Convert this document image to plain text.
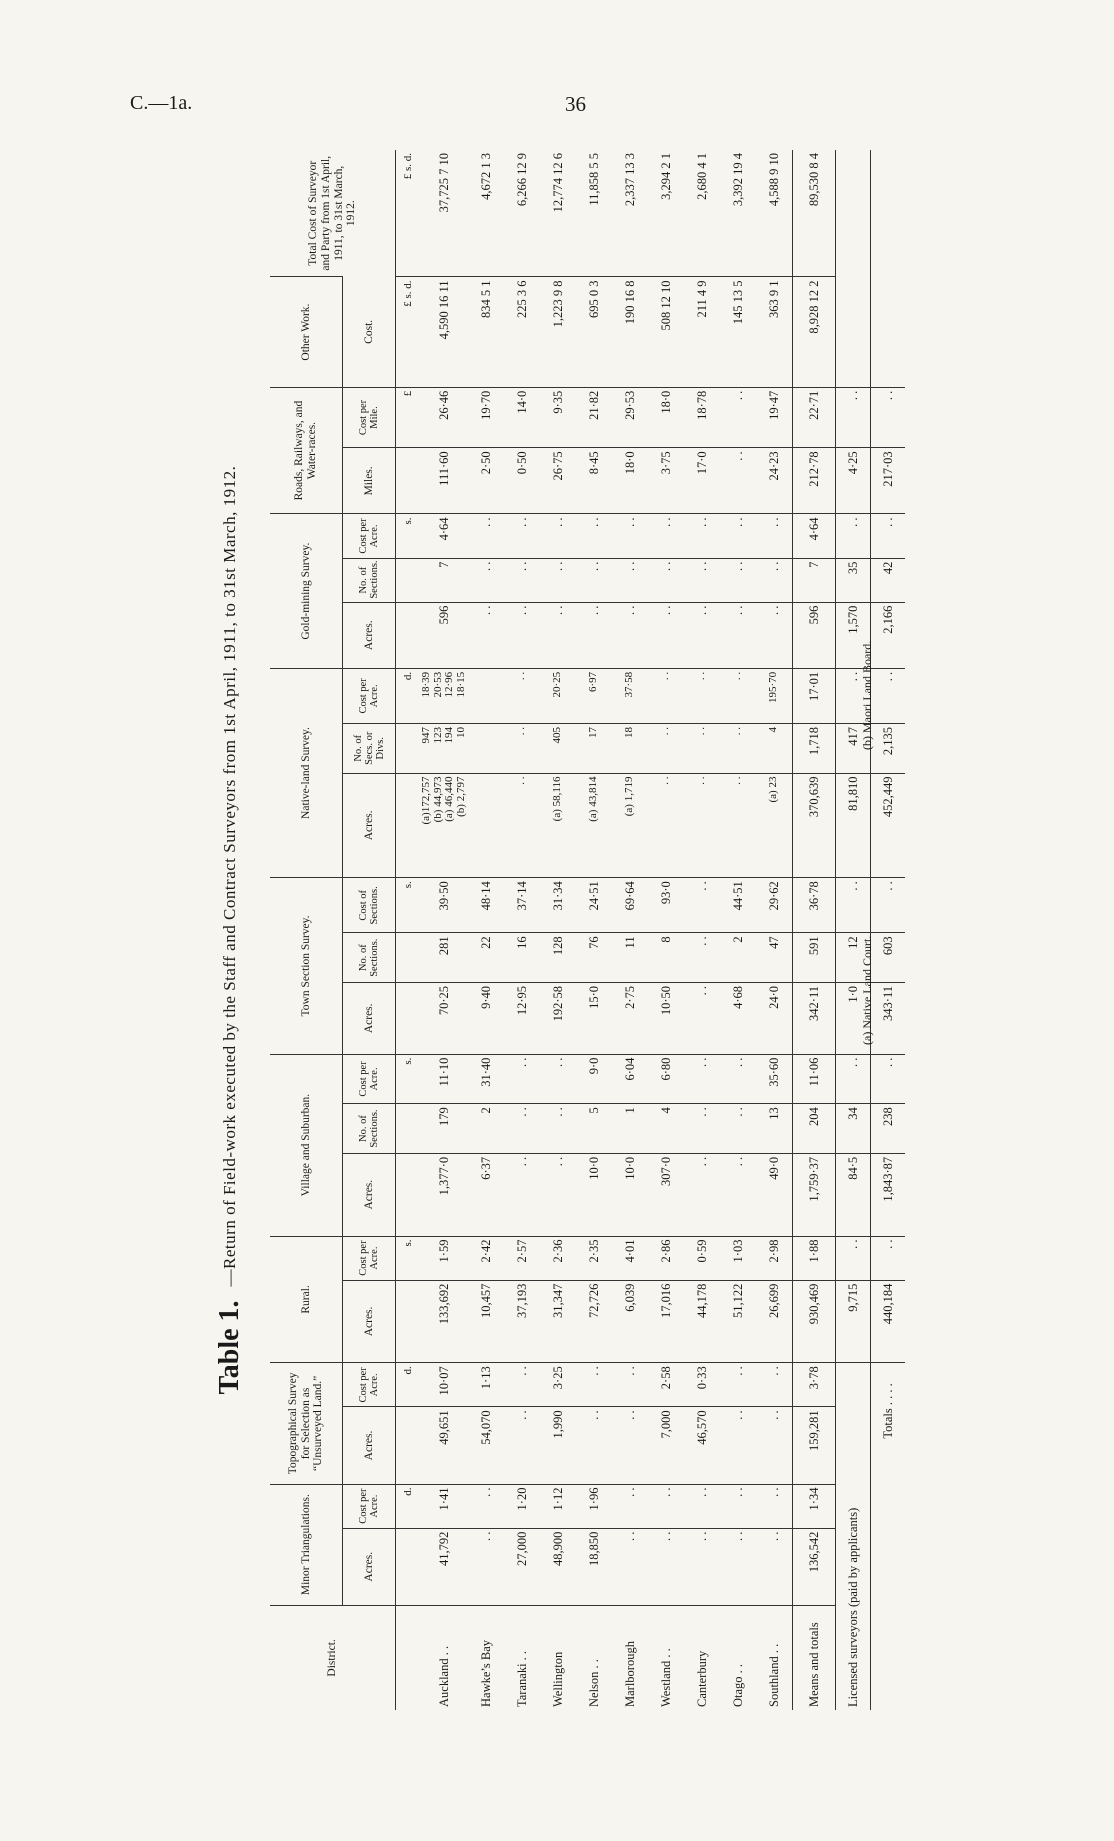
C.—1a.	36
Table 1.
—Return of Field-work executed by the Staff and Contract Surveyors from 1st April, 1911, to 31st March, 1912.
District.	Minor Triangulations.		Topographical Survey for Selection as “Unsurveyed Land.”		Rural.		Village and Suburban.			Town Section Survey.			Native-land Survey.			Gold-mining Survey.			Roads, Railways, and Water-races.		Other Work.	Total Cost of Surveyor and Party from 1st April, 1911, to 31st March, 1912.
	Acres.	Cost per Acre.	Acres.	Cost per Acre.	Acres.	Cost per Acre.	Acres.	No. of Sections.	Cost per Acre.	Acres.	No. of Sections.	Cost of Sections.	Acres.	No. of Secs. or Divs.	Cost per Acre.	Acres.	No. of Sections.	Cost per Acre.	Miles.	Cost per Mile.	Cost.	
		d.		d.		s.			s.			s.			d.			s.		£	£ s. d.	£ s. d.
Auckland . .	41,792	1·41	49,651	10·07	133,692	1·59	1,377·0	179	11·10	70·25	281	39·50	(a)172,757 (b) 44,973 (a) 46,440 (b) 2,797	947 123 194 10	18·39 20·53 12·96 18·15	596	7	4·64	111·60	26·46	4,590 16 11	37,725 7 10
Hawke’s Bay	. .	. .	54,070	1·13	10,457	2·42	6·37	2	31·40	9·40	22	48·14				. .	. .	. .	2·50	19·70	834 5 1	4,672 1 3
Taranaki . .	27,000	1·20	. .	. .	37,193	2·57	. .	. .	. .	12·95	16	37·14	. .	. .	. .	. .	. .	. .	0·50	14·0	225 3 6	6,266 12 9
Wellington	48,900	1·12	1,990	3·25	31,347	2·36	. .	. .	. .	192·58	128	31·34	(a) 58,116	405	20·25	. .	. .	. .	26·75	9·35	1,223 9 8	12,774 12 6
Nelson . .	18,850	1·96	. .	. .	72,726	2·35	10·0	5	9·0	15·0	76	24·51	(a) 43,814	17	6·97	. .	. .	. .	8·45	21·82	695 0 3	11,858 5 5
Marlborough	. .	. .	. .	. .	6,039	4·01	10·0	1	6·04	2·75	11	69·64	(a) 1,719	18	37·58	. .	. .	. .	18·0	29·53	190 16 8	2,337 13 3
Westland . .	. .	. .	7,000	2·58	17,016	2·86	307·0	4	6·80	10·50	8	93·0	. .	. .	. .	. .	. .	. .	3·75	18·0	508 12 10	3,294 2 1
Canterbury	. .	. .	46,570	0·33	44,178	0·59	. .	. .	. .	. .	. .	. .	. .	. .	. .	. .	. .	. .	17·0	18·78	211 4 9	2,680 4 1
Otago . .	. .	. .	. .	. .	51,122	1·03	. .	. .	. .	4·68	2	44·51	. .	. .	. .	. .	. .	. .	. .	. .	145 13 5	3,392 19 4
Southland . .	. .	. .	. .	. .	26,699	2·98	49·0	13	35·60	24·0	47	29·62	(a) 23	4	195·70	. .	. .	. .	24·23	19·47	363 9 1	4,588 9 10
Means and totals	136,542	1·34	159,281	3·78	930,469	1·88	1,759·37	204	11·06	342·11	591	36·78	370,639	1,718	17·01	596	7	4·64	212·78	22·71	8,928 12 2	89,530 8 4
Licensed surveyors (paid by applicants)					9,715	. .	84·5	34	. .	1·0	12	. .	81,810	417	. .	1,570	35	. .	4·25	. .		
Totals . . . .					440,184	. .	1,843·87	238	. .	343·11	603	. .	452,449	2,135	. .	2,166	42	. .	217·03	. .		
(a) Native Land Court.
(b) Maori Land Board.
